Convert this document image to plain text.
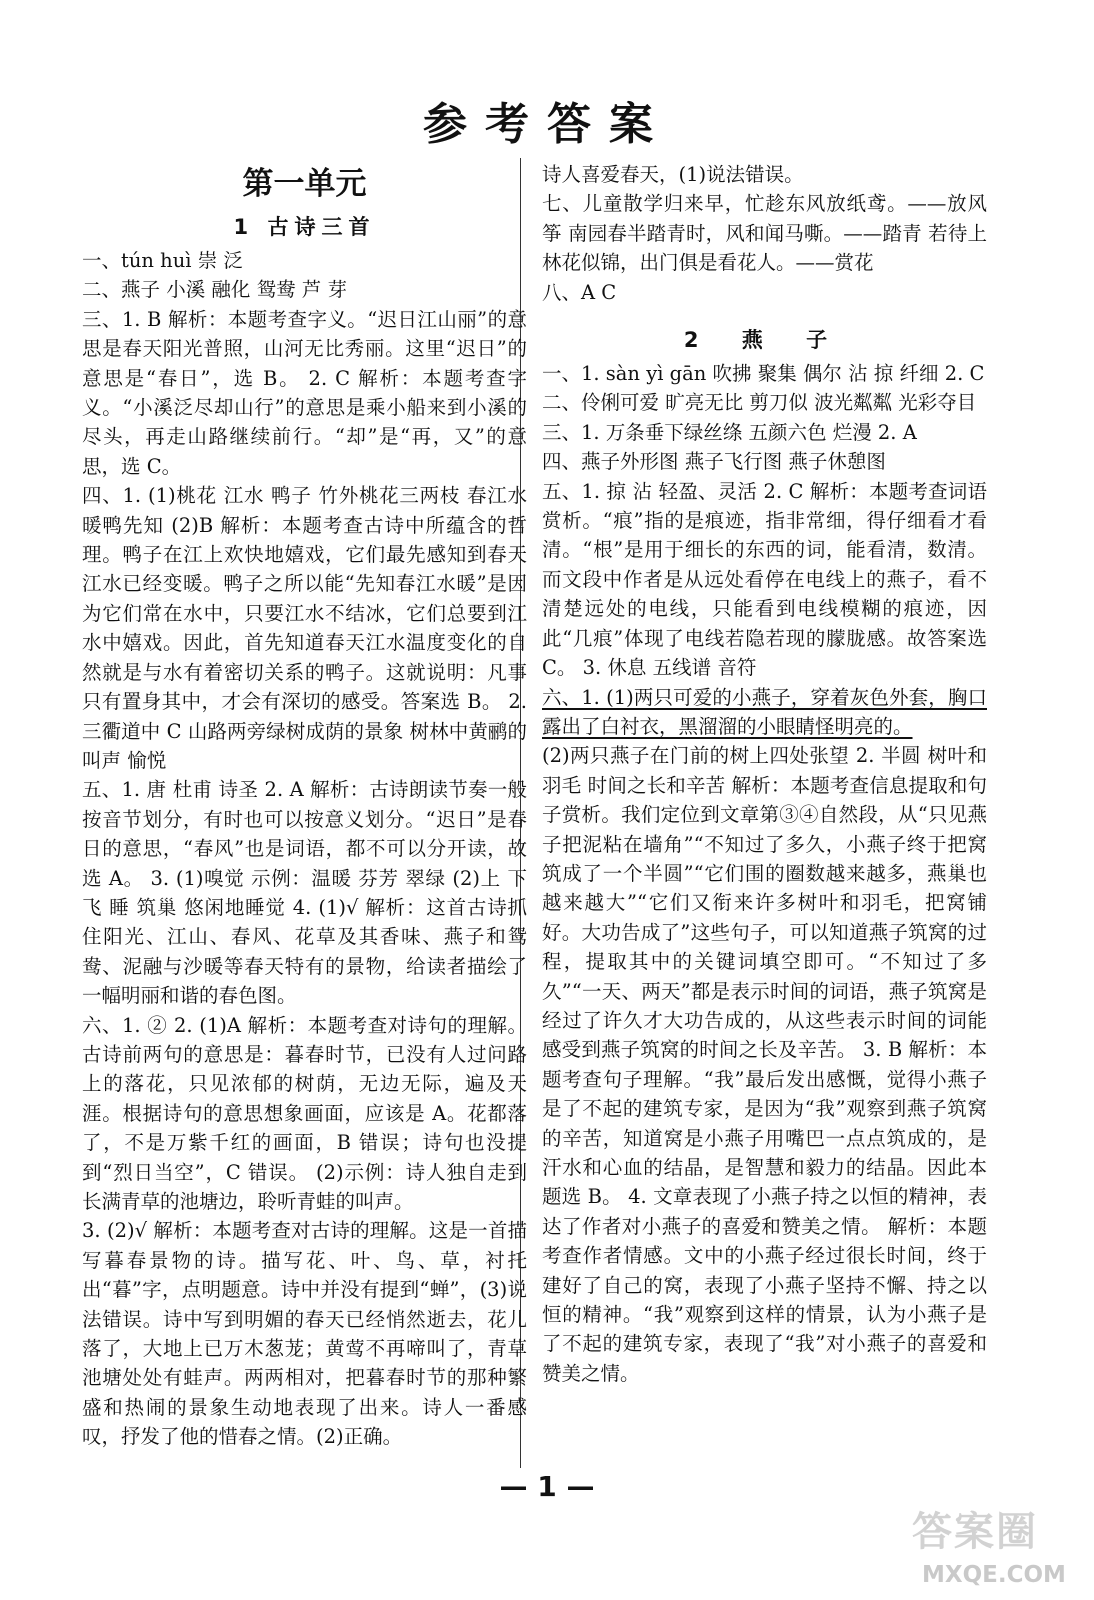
参考答案
第一单元
1 古诗三首

一、tún huì 崇 泛

二、燕子 小溪 融化 鸳鸯 芦 芽

三、1. B 解析：本题考查字义。“迟日江山丽”的意思是春天阳光普照，山河无比秀丽。这里“迟日”的意思是“春日”，选 B。 2. C 解析：本题考查字义。“小溪泛尽却山行”的意思是乘小船来到小溪的尽头，再走山路继续前行。“却”是“再，又”的意思，选 C。

四、1. (1)桃花 江水 鸭子 竹外桃花三两枝 春江水暖鸭先知 (2)B 解析：本题考查古诗中所蕴含的哲理。鸭子在江上欢快地嬉戏，它们最先感知到春天江水已经变暖。鸭子之所以能“先知春江水暖”是因为它们常在水中，只要江水不结冰，它们总要到江水中嬉戏。因此，首先知道春天江水温度变化的自然就是与水有着密切关系的鸭子。这就说明：凡事只有置身其中，才会有深切的感受。答案选 B。 2. 三衢道中 C 山路两旁绿树成荫的景象 树林中黄鹂的叫声 愉悦

五、1. 唐 杜甫 诗圣 2. A 解析：古诗朗读节奏一般按音节划分，有时也可以按意义划分。“迟日”是春日的意思，“春风”也是词语，都不可以分开读，故选 A。 3. (1)嗅觉 示例：温暖 芬芳 翠绿 (2)上 下 飞 睡 筑巢 悠闲地睡觉 4. (1)√ 解析：这首古诗抓住阳光、江山、春风、花草及其香味、燕子和鸳鸯、泥融与沙暖等春天特有的景物，给读者描绘了一幅明丽和谐的春色图。

六、1. ② 2. (1)A 解析：本题考查对诗句的理解。古诗前两句的意思是：暮春时节，已没有人过问路上的落花，只见浓郁的树荫，无边无际，遍及天涯。根据诗句的意思想象画面，应该是 A。花都落了，不是万紫千红的画面，B 错误；诗句也没提到“烈日当空”，C 错误。 (2)示例：诗人独自走到长满青草的池塘边，聆听青蛙的叫声。

3. (2)√ 解析：本题考查对古诗的理解。这是一首描写暮春景物的诗。描写花、叶、鸟、草，衬托出“暮”字，点明题意。诗中并没有提到“蝉”，(3)说法错误。诗中写到明媚的春天已经悄然逝去，花儿落了，大地上已万木葱茏；黄莺不再啼叫了，青草池塘处处有蛙声。两两相对，把暮春时节的那种繁盛和热闹的景象生动地表现了出来。诗人一番感叹，抒发了他的惜春之情。(2)正确。

诗人喜爱春天，(1)说法错误。

七、儿童散学归来早，忙趁东风放纸鸢。——放风筝 南园春半踏青时，风和闻马嘶。——踏青 若待上林花似锦，出门俱是看花人。——赏花

八、A C

2 燕 子

一、1. sàn yì gān 吹拂 聚集 偶尔 沾 掠 纤细 2. C

二、伶俐可爱 旷亮无比 剪刀似 波光粼粼 光彩夺目

三、1. 万条垂下绿丝绦 五颜六色 烂漫 2. A

四、燕子外形图 燕子飞行图 燕子休憩图

五、1. 掠 沾 轻盈、灵活 2. C 解析：本题考查词语赏析。“痕”指的是痕迹，指非常细，得仔细看才看清。“根”是用于细长的东西的词，能看清，数清。而文段中作者是从远处看停在电线上的燕子，看不清楚远处的电线，只能看到电线模糊的痕迹，因此“几痕”体现了电线若隐若现的朦胧感。故答案选 C。 3. 休息 五线谱 音符

六、1. (1)两只可爱的小燕子，穿着灰色外套，胸口露出了白衬衣，黑溜溜的小眼睛怪明亮的。

(2)两只燕子在门前的树上四处张望 2. 半圆 树叶和羽毛 时间之长和辛苦 解析：本题考查信息提取和句子赏析。我们定位到文章第③④自然段，从“只见燕子把泥粘在墙角”“不知过了多久，小燕子终于把窝筑成了一个半圆”“它们围的圈数越来越多，燕巢也越来越大”“它们又衔来许多树叶和羽毛，把窝铺好。大功告成了”这些句子，可以知道燕子筑窝的过程，提取其中的关键词填空即可。“不知过了多久”“一天、两天”都是表示时间的词语，燕子筑窝是经过了许久才大功告成的，从这些表示时间的词能感受到燕子筑窝的时间之长及辛苦。 3. B 解析：本题考查句子理解。“我”最后发出感慨，觉得小燕子是了不起的建筑专家，是因为“我”观察到燕子筑窝的辛苦，知道窝是小燕子用嘴巴一点点筑成的，是汗水和心血的结晶，是智慧和毅力的结晶。因此本题选 B。 4. 文章表现了小燕子持之以恒的精神，表达了作者对小燕子的喜爱和赞美之情。 解析：本题考查作者情感。文中的小燕子经过很长时间，终于建好了自己的窝，表现了小燕子坚持不懈、持之以恒的精神。“我”观察到这样的情景，认为小燕子是了不起的建筑专家，表现了“我”对小燕子的喜爱和赞美之情。

— 1 —
答案圈
MXQE.COM
